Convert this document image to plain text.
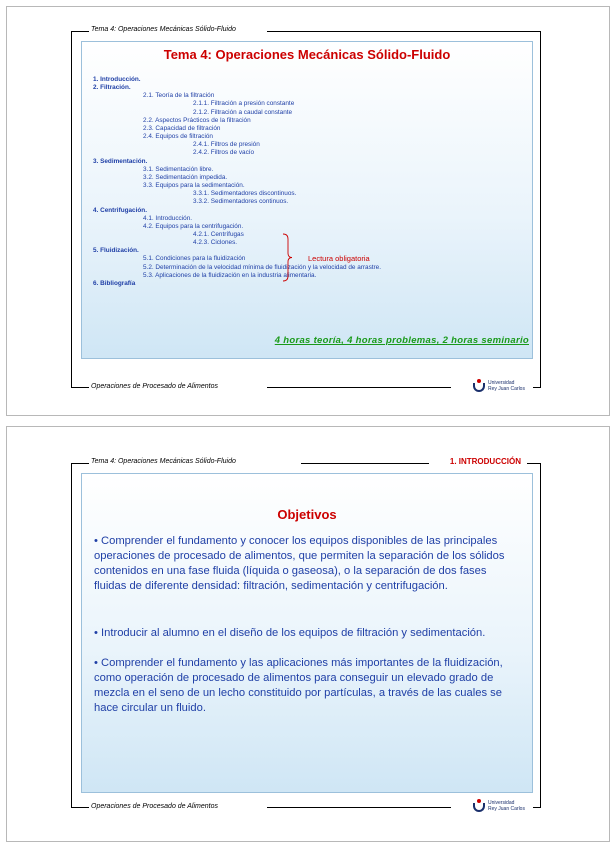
Tema 4: Operaciones Mecánicas Sólido-Fluido
Tema 4: Operaciones Mecánicas Sólido-Fluido
1. Introducción.
2. Filtración.
2.1. Teoría de la filtración
2.1.1. Filtración a presión constante
2.1.2. Filtración a caudal constante
2.2. Aspectos Prácticos de la filtración
2.3. Capacidad de filtración
2.4. Equipos de filtración
2.4.1. Filtros de presión
2.4.2. Filtros de vacío
3. Sedimentación.
3.1. Sedimentación libre.
3.2. Sedimentación impedida.
3.3. Equipos para la sedimentación.
3.3.1. Sedimentadores discontinuos.
3.3.2. Sedimentadores continuos.
4. Centrifugación.
4.1. Introducción.
4.2. Equipos para la centrifugación.
4.2.1. Centrífugas
4.2.3. Ciclones.
5. Fluidización.
5.1. Condiciones para la fluidización
5.2. Determinación de la velocidad mínima de fluidización y la velocidad de arrastre.
5.3. Aplicaciones de la fluidización en la industria alimentaria.
6. Bibliografía
Lectura obligatoria
4 horas teoría, 4 horas problemas, 2 horas seminario
Operaciones de Procesado de Alimentos
Universidad
Rey Juan Carlos
Tema 4: Operaciones Mecánicas Sólido-Fluido	1. INTRODUCCIÓN
Objetivos
• Comprender el fundamento y conocer los equipos disponibles de las principales operaciones de procesado de alimentos, que permiten la separación de los sólidos contenidos en una fase fluida (líquida o gaseosa), o la separación de dos fases fluidas de diferente densidad: filtración, sedimentación y centrifugación.
• Introducir al alumno en el diseño de los equipos de filtración y sedimentación.
• Comprender el fundamento y las aplicaciones más importantes de la fluidización, como operación de procesado de alimentos para conseguir un elevado grado de mezcla en el seno de un lecho constituido por partículas, a través de las cuales se hace circular un fluido.
Operaciones de Procesado de Alimentos
Universidad
Rey Juan Carlos
